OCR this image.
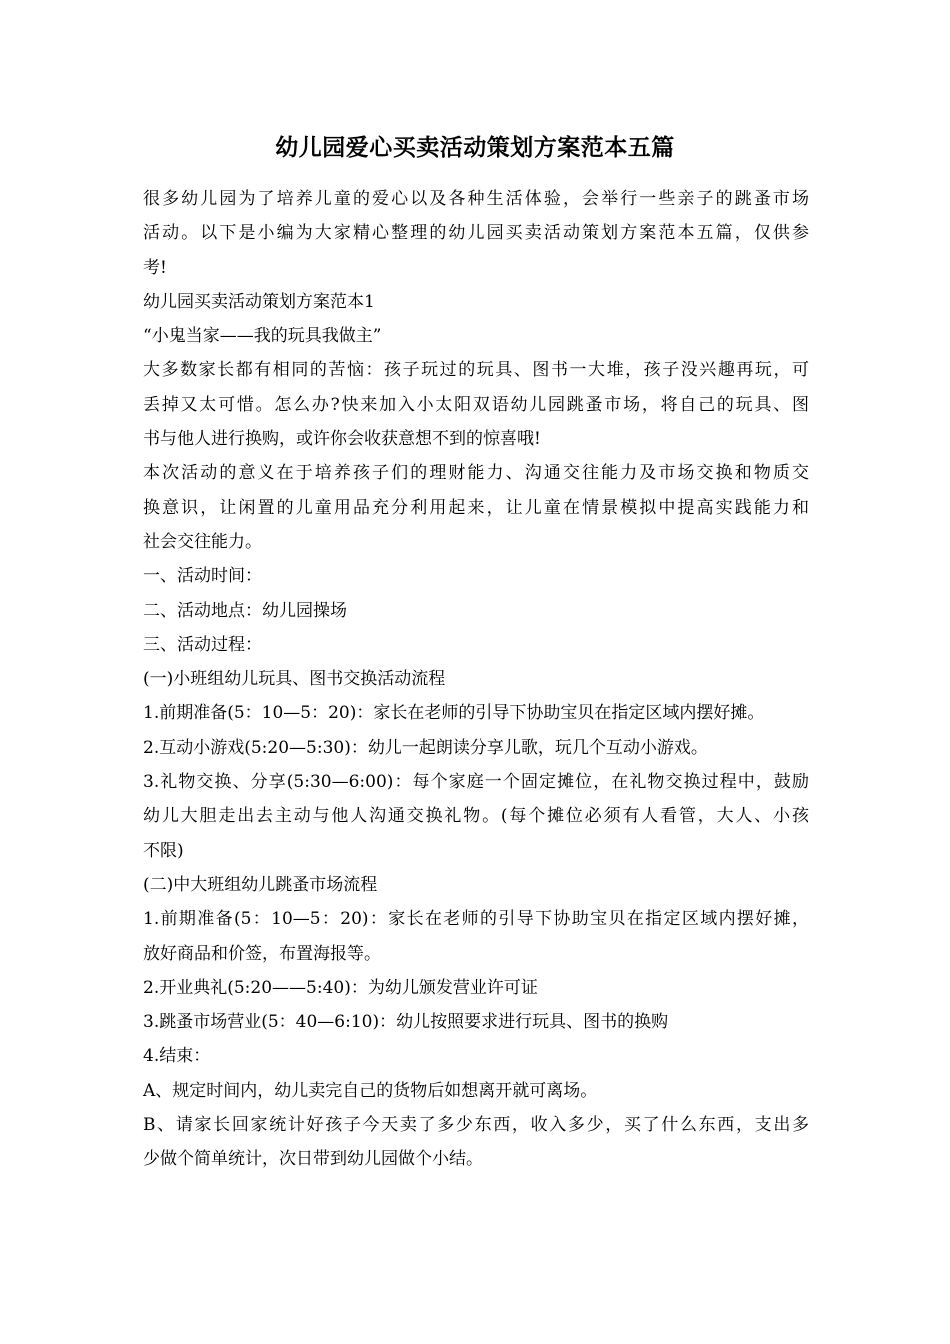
幼儿园爱心买卖活动策划方案范本五篇
很多幼儿园为了培养儿童的爱心以及各种生活体验，会举行一些亲子的跳蚤市场
活动。以下是小编为大家精心整理的幼儿园买卖活动策划方案范本五篇，仅供参
考!
幼儿园买卖活动策划方案范本1
“小鬼当家——我的玩具我做主”
大多数家长都有相同的苦恼：孩子玩过的玩具、图书一大堆，孩子没兴趣再玩，可
丢掉又太可惜。怎么办?快来加入小太阳双语幼儿园跳蚤市场，将自己的玩具、图
书与他人进行换购，或许你会收获意想不到的惊喜哦!
本次活动的意义在于培养孩子们的理财能力、沟通交往能力及市场交换和物质交
换意识，让闲置的儿童用品充分利用起来，让儿童在情景模拟中提高实践能力和
社会交往能力。
一、活动时间：
二、活动地点：幼儿园操场
三、活动过程：
(一)小班组幼儿玩具、图书交换活动流程
1.前期准备(5：10—5：20)：家长在老师的引导下协助宝贝在指定区域内摆好摊。
2.互动小游戏(5:20—5:30)：幼儿一起朗读分享儿歌，玩几个互动小游戏。
3.礼物交换、分享(5:30—6:00)：每个家庭一个固定摊位，在礼物交换过程中，鼓励
幼儿大胆走出去主动与他人沟通交换礼物。(每个摊位必须有人看管，大人、小孩
不限)
(二)中大班组幼儿跳蚤市场流程
1.前期准备(5：10—5：20)：家长在老师的引导下协助宝贝在指定区域内摆好摊，
放好商品和价签，布置海报等。
2.开业典礼(5:20——5:40)：为幼儿颁发营业许可证
3.跳蚤市场营业(5：40—6:10)：幼儿按照要求进行玩具、图书的换购
4.结束：
A、规定时间内，幼儿卖完自己的货物后如想离开就可离场。
B、请家长回家统计好孩子今天卖了多少东西，收入多少，买了什么东西，支出多
少做个简单统计，次日带到幼儿园做个小结。
